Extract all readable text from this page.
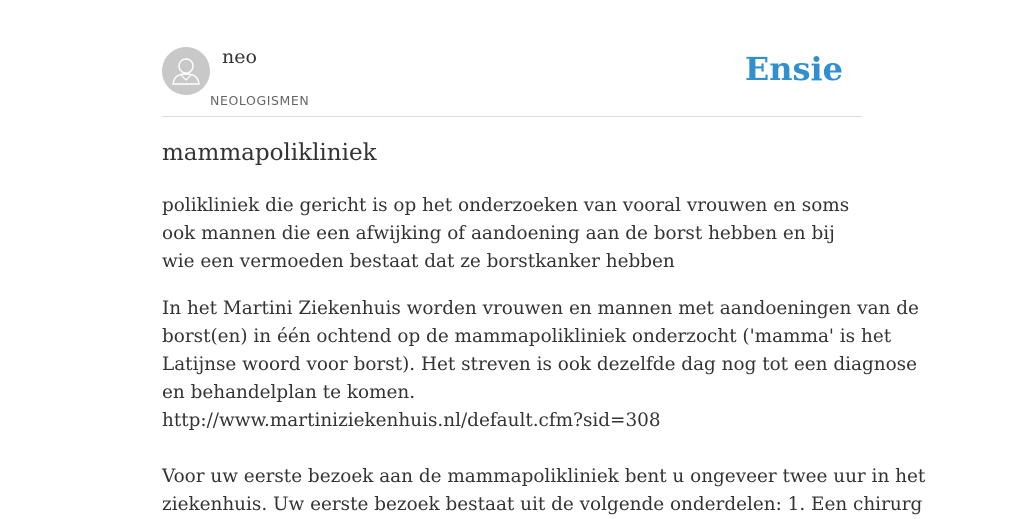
neo
NEOLOGISMEN
Ensie
mammapolikliniek

polikliniek die gericht is op het onderzoeken van vooral vrouwen en soms ook mannen die een afwijking of aandoening aan de borst hebben en bij wie een vermoeden bestaat dat ze borstkanker hebben

In het Martini Ziekenhuis worden vrouwen en mannen met aandoeningen van de
borst(en) in één ochtend op de mammapolikliniek onderzocht ('mamma' is het
Latijnse woord voor borst). Het streven is ook dezelfde dag nog tot een diagnose
en behandelplan te komen.
http://www.martiniziekenhuis.nl/default.cfm?sid=308
Voor uw eerste bezoek aan de mammapolikliniek bent u ongeveer twee uur in het
ziekenhuis. Uw eerste bezoek bestaat uit de volgende onderdelen: 1. Een chirurg
